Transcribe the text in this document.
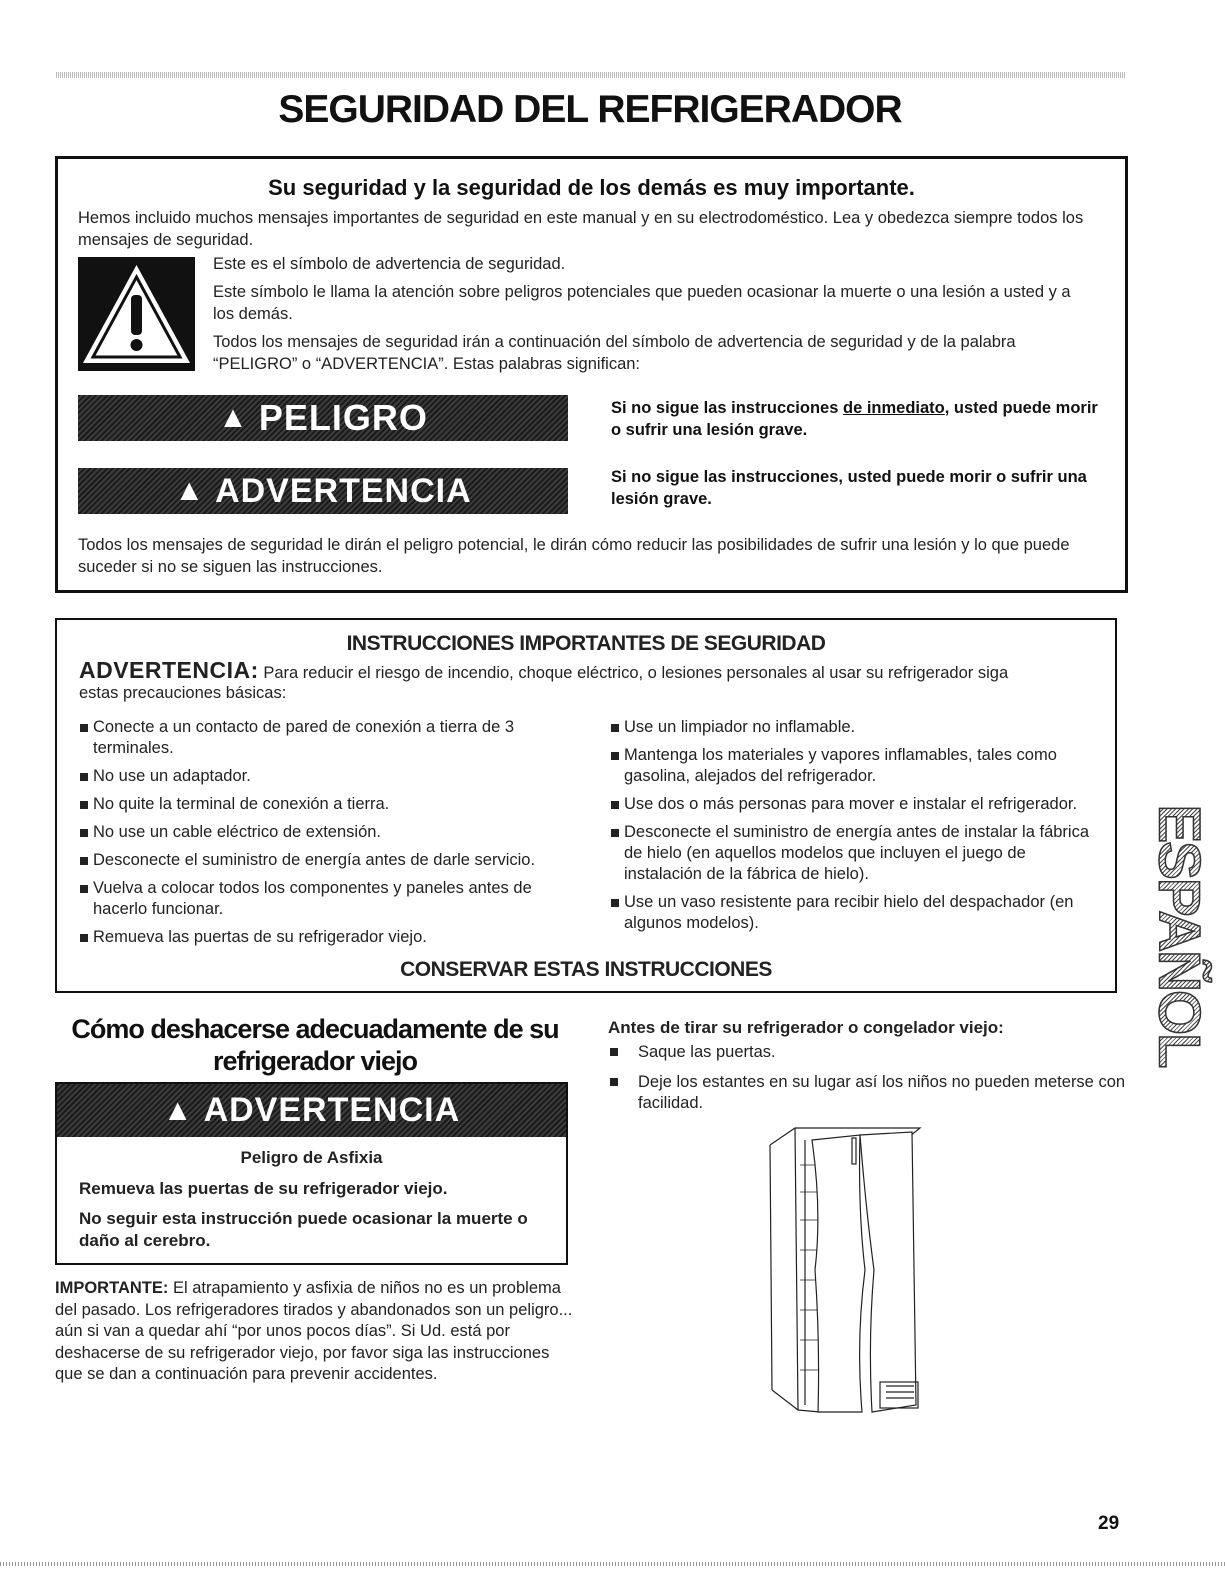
SEGURIDAD DEL REFRIGERADOR
Su seguridad y la seguridad de los demás es muy importante.

Hemos incluido muchos mensajes importantes de seguridad en este manual y en su electrodoméstico. Lea y obedezca siempre todos los mensajes de seguridad.

Este es el símbolo de advertencia de seguridad.

Este símbolo le llama la atención sobre peligros potenciales que pueden ocasionar la muerte o una lesión a usted y a los demás.

Todos los mensajes de seguridad irán a continuación del símbolo de advertencia de seguridad y de la palabra “PELIGRO” o “ADVERTENCIA”. Estas palabras significan:

▲ PELIGRO	Si no sigue las instrucciones de inmediato, usted puede morir o sufrir una lesión grave.

▲ ADVERTENCIA	Si no sigue las instrucciones, usted puede morir o sufrir una lesión grave.

Todos los mensajes de seguridad le dirán el peligro potencial, le dirán cómo reducir las posibilidades de sufrir una lesión y lo que puede suceder si no se siguen las instrucciones.

INSTRUCCIONES IMPORTANTES DE SEGURIDAD

ADVERTENCIA: Para reducir el riesgo de incendio, choque eléctrico, o lesiones personales al usar su refrigerador siga
estas precauciones básicas:

Conecte a un contacto de pared de conexión a tierra de 3 terminales.
No use un adaptador.
No quite la terminal de conexión a tierra.
No use un cable eléctrico de extensión.
Desconecte el suministro de energía antes de darle servicio.
Vuelva a colocar todos los componentes y paneles antes de hacerlo funcionar.
Remueva las puertas de su refrigerador viejo.
Use un limpiador no inflamable.
Mantenga los materiales y vapores inflamables, tales como gasolina, alejados del refrigerador.
Use dos o más personas para mover e instalar el refrigerador.
Desconecte el suministro de energía antes de instalar la fábrica de hielo (en aquellos modelos que incluyen el juego de instalación de la fábrica de hielo).
Use un vaso resistente para recibir hielo del despachador (en algunos modelos).
CONSERVAR ESTAS INSTRUCCIONES
Cómo deshacerse adecuadamente de su refrigerador viejo
▲ ADVERTENCIA
Peligro de Asfixia
Remueva las puertas de su refrigerador viejo.
No seguir esta instrucción puede ocasionar la muerte o daño al cerebro.

IMPORTANTE: El atrapamiento y asfixia de niños no es un problema del pasado. Los refrigeradores tirados y abandonados son un peligro... aún si van a quedar ahí “por unos pocos días”. Si Ud. está por deshacerse de su refrigerador viejo, por favor siga las instrucciones que se dan a continuación para prevenir accidentes.

Antes de tirar su refrigerador o congelador viejo:
Saque las puertas.
Deje los estantes en su lugar así los niños no pueden meterse con facilidad.
ESPAÑOL
29
